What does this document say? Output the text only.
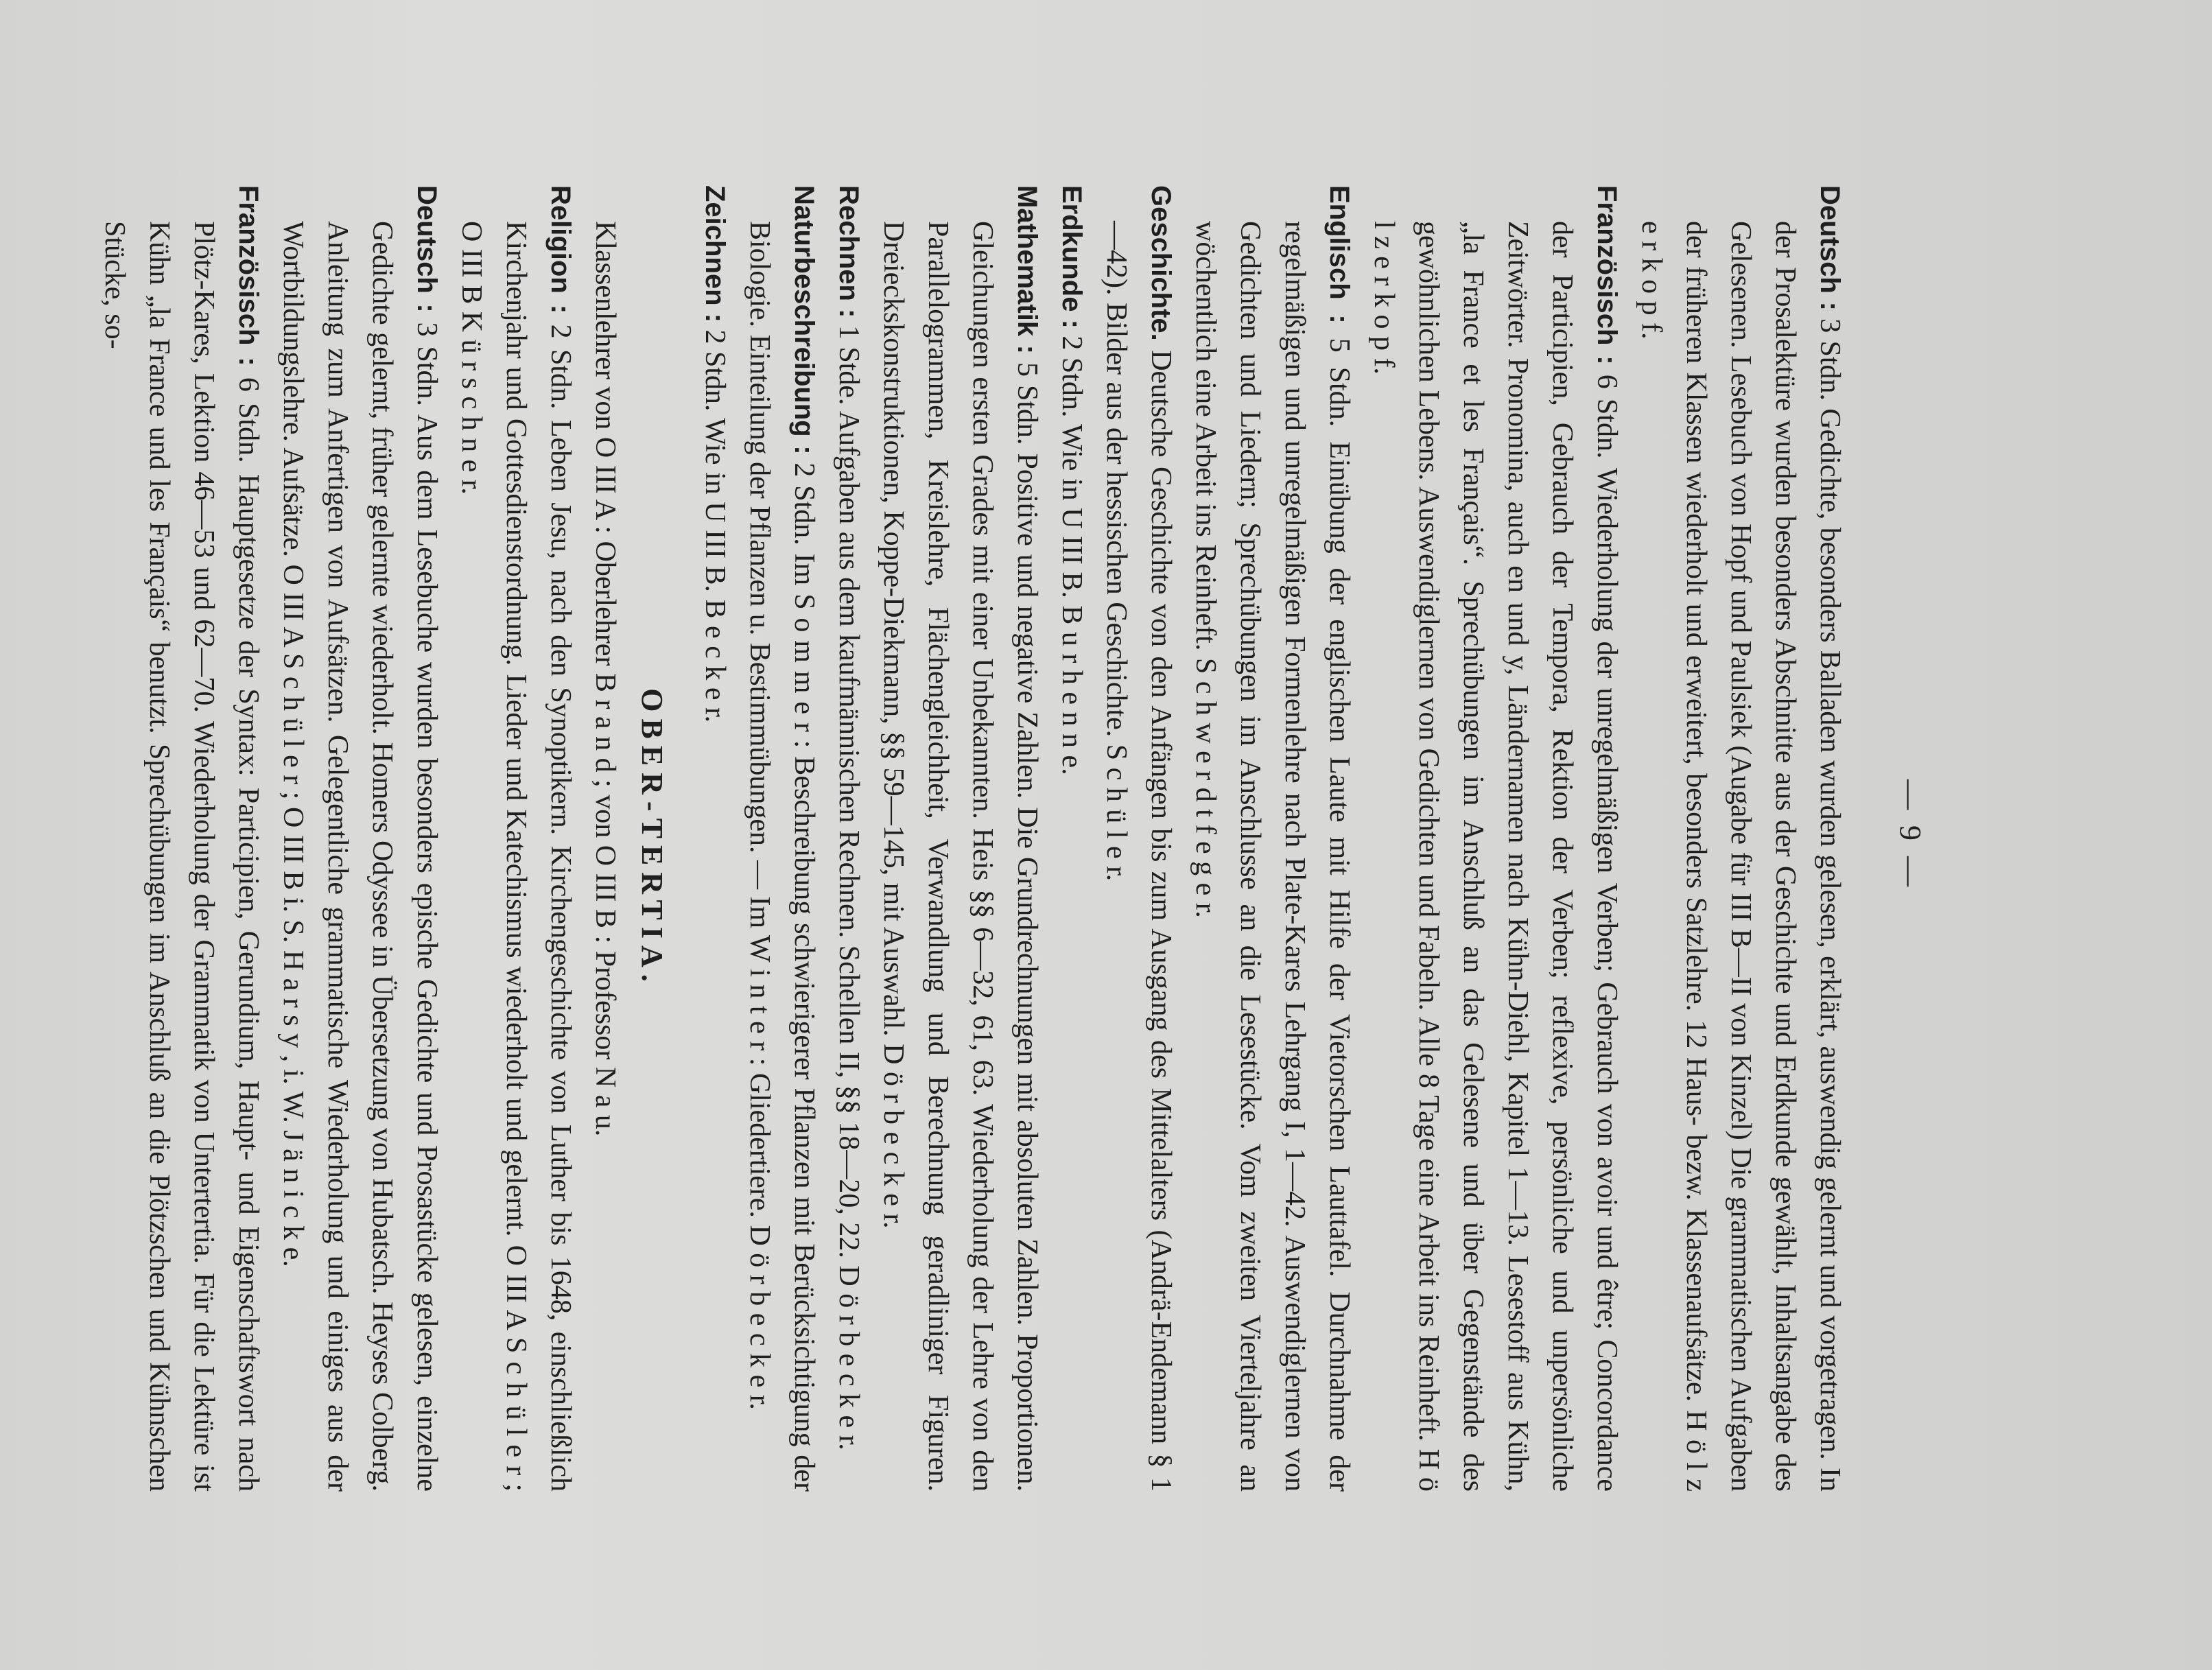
— 9 —

Deutsch : 3 Stdn. Gedichte, besonders Balladen wurden gelesen, erklärt, auswendig gelernt und vorgetragen. In der Prosalektüre wurden besonders Abschnitte aus der Geschichte und Erdkunde gewählt, Inhaltsangabe des Gelesenen. Lesebuch von Hopf und Paulsiek (Augabe für III B—II von Kinzel) Die grammatischen Aufgaben der früheren Klassen wiederholt und erweitert, besonders Satzlehre. 12 Haus- bezw. Klassenaufsätze. H ö l z e r k o p f.

Französisch : 6 Stdn. Wiederholung der unregelmäßigen Verben; Gebrauch von avoir und être; Concordance der Participien, Gebrauch der Tempora, Rektion der Verben; reflexive, persönliche und unpersönliche Zeitwörter. Pronomina, auch en und y, Ländernamen nach Kühn-Diehl, Kapitel 1—13. Lesestoff aus Kühn, „la France et les Français“. Sprechübungen im Anschluß an das Gelesene und über Gegenstände des gewöhnlichen Lebens. Auswendiglernen von Gedichten und Fabeln. Alle 8 Tage eine Arbeit ins Reinheft. H ö l z e r k o p f.

Englisch : 5 Stdn. Einübung der englischen Laute mit Hilfe der Vietorschen Lauttafel. Durchnahme der regelmäßigen und unregelmäßigen Formenlehre nach Plate-Kares Lehrgang I, 1—42. Auswendiglernen von Gedichten und Liedern; Sprechübungen im Anschlusse an die Lesestücke. Vom zweiten Vierteljahre an wöchentlich eine Arbeit ins Reinheft. S c h w e r d t f e g e r.

Geschichte. Deutsche Geschichte von den Anfängen bis zum Ausgang des Mittelalters (Andrä-Endemann § 1—42). Bilder aus der hessischen Geschichte. S c h ü l e r.

Erdkunde : 2 Stdn. Wie in U III B. B u r h e n n e.

Mathematik : 5 Stdn. Positive und negative Zahlen. Die Grundrechnungen mit absoluten Zahlen. Proportionen. Gleichungen ersten Grades mit einer Unbekannten. Heis §§ 6—32, 61, 63. Wiederholung der Lehre von den Parallelogrammen, Kreislehre, Flächengleichheit, Verwandlung und Berechnung geradliniger Figuren. Dreieckskonstruktionen, Koppe-Diekmann, §§ 59—145, mit Auswahl. D ö r b e c k e r.

Rechnen : 1 Stde. Aufgaben aus dem kaufmännischen Rechnen. Schellen II, §§ 18—20, 22. D ö r b e c k e r.

Naturbeschreibung : 2 Stdn. Im S o m m e r : Beschreibung schwierigerer Pflanzen mit Berücksichtigung der Biologie. Einteilung der Pflanzen u. Bestimmübungen. — Im W i n t e r : Gliedertiere. D ö r b e c k e r.

Zeichnen : 2 Stdn. Wie in U III B. B e c k e r.

OBER-TERTIA.

Klassenlehrer von O III A : Oberlehrer B r a n d ; von O III B : Professor N a u.

Religion : 2 Stdn. Leben Jesu, nach den Synoptikern. Kirchengeschichte von Luther bis 1648, einschließlich Kirchenjahr und Gottesdienstordnung. Lieder und Katechismus wiederholt und gelernt. O III A S c h ü l e r ; O III B K ü r s c h n e r.

Deutsch : 3 Stdn. Aus dem Lesebuche wurden besonders epische Gedichte und Prosastücke gelesen, einzelne Gedichte gelernt, früher gelernte wiederholt. Homers Odyssee in Übersetzung von Hubatsch. Heyses Colberg. Anleitung zum Anfertigen von Aufsätzen. Gelegentliche grammatische Wiederholung und einiges aus der Wortbildungslehre. Aufsätze. O III A S c h ü l e r ; O III B i. S. H a r s y , i. W. J ä n i c k e.

Französisch : 6 Stdn. Hauptgesetze der Syntax: Participien, Gerundium, Haupt- und Eigenschaftswort nach Plötz-Kares, Lektion 46—53 und 62—70. Wiederholung der Grammatik von Untertertia. Für die Lektüre ist Kühn „la France und les Français“ benutzt. Sprechübungen im Anschluß an die Plötzschen und Kühnschen Stücke, so-
